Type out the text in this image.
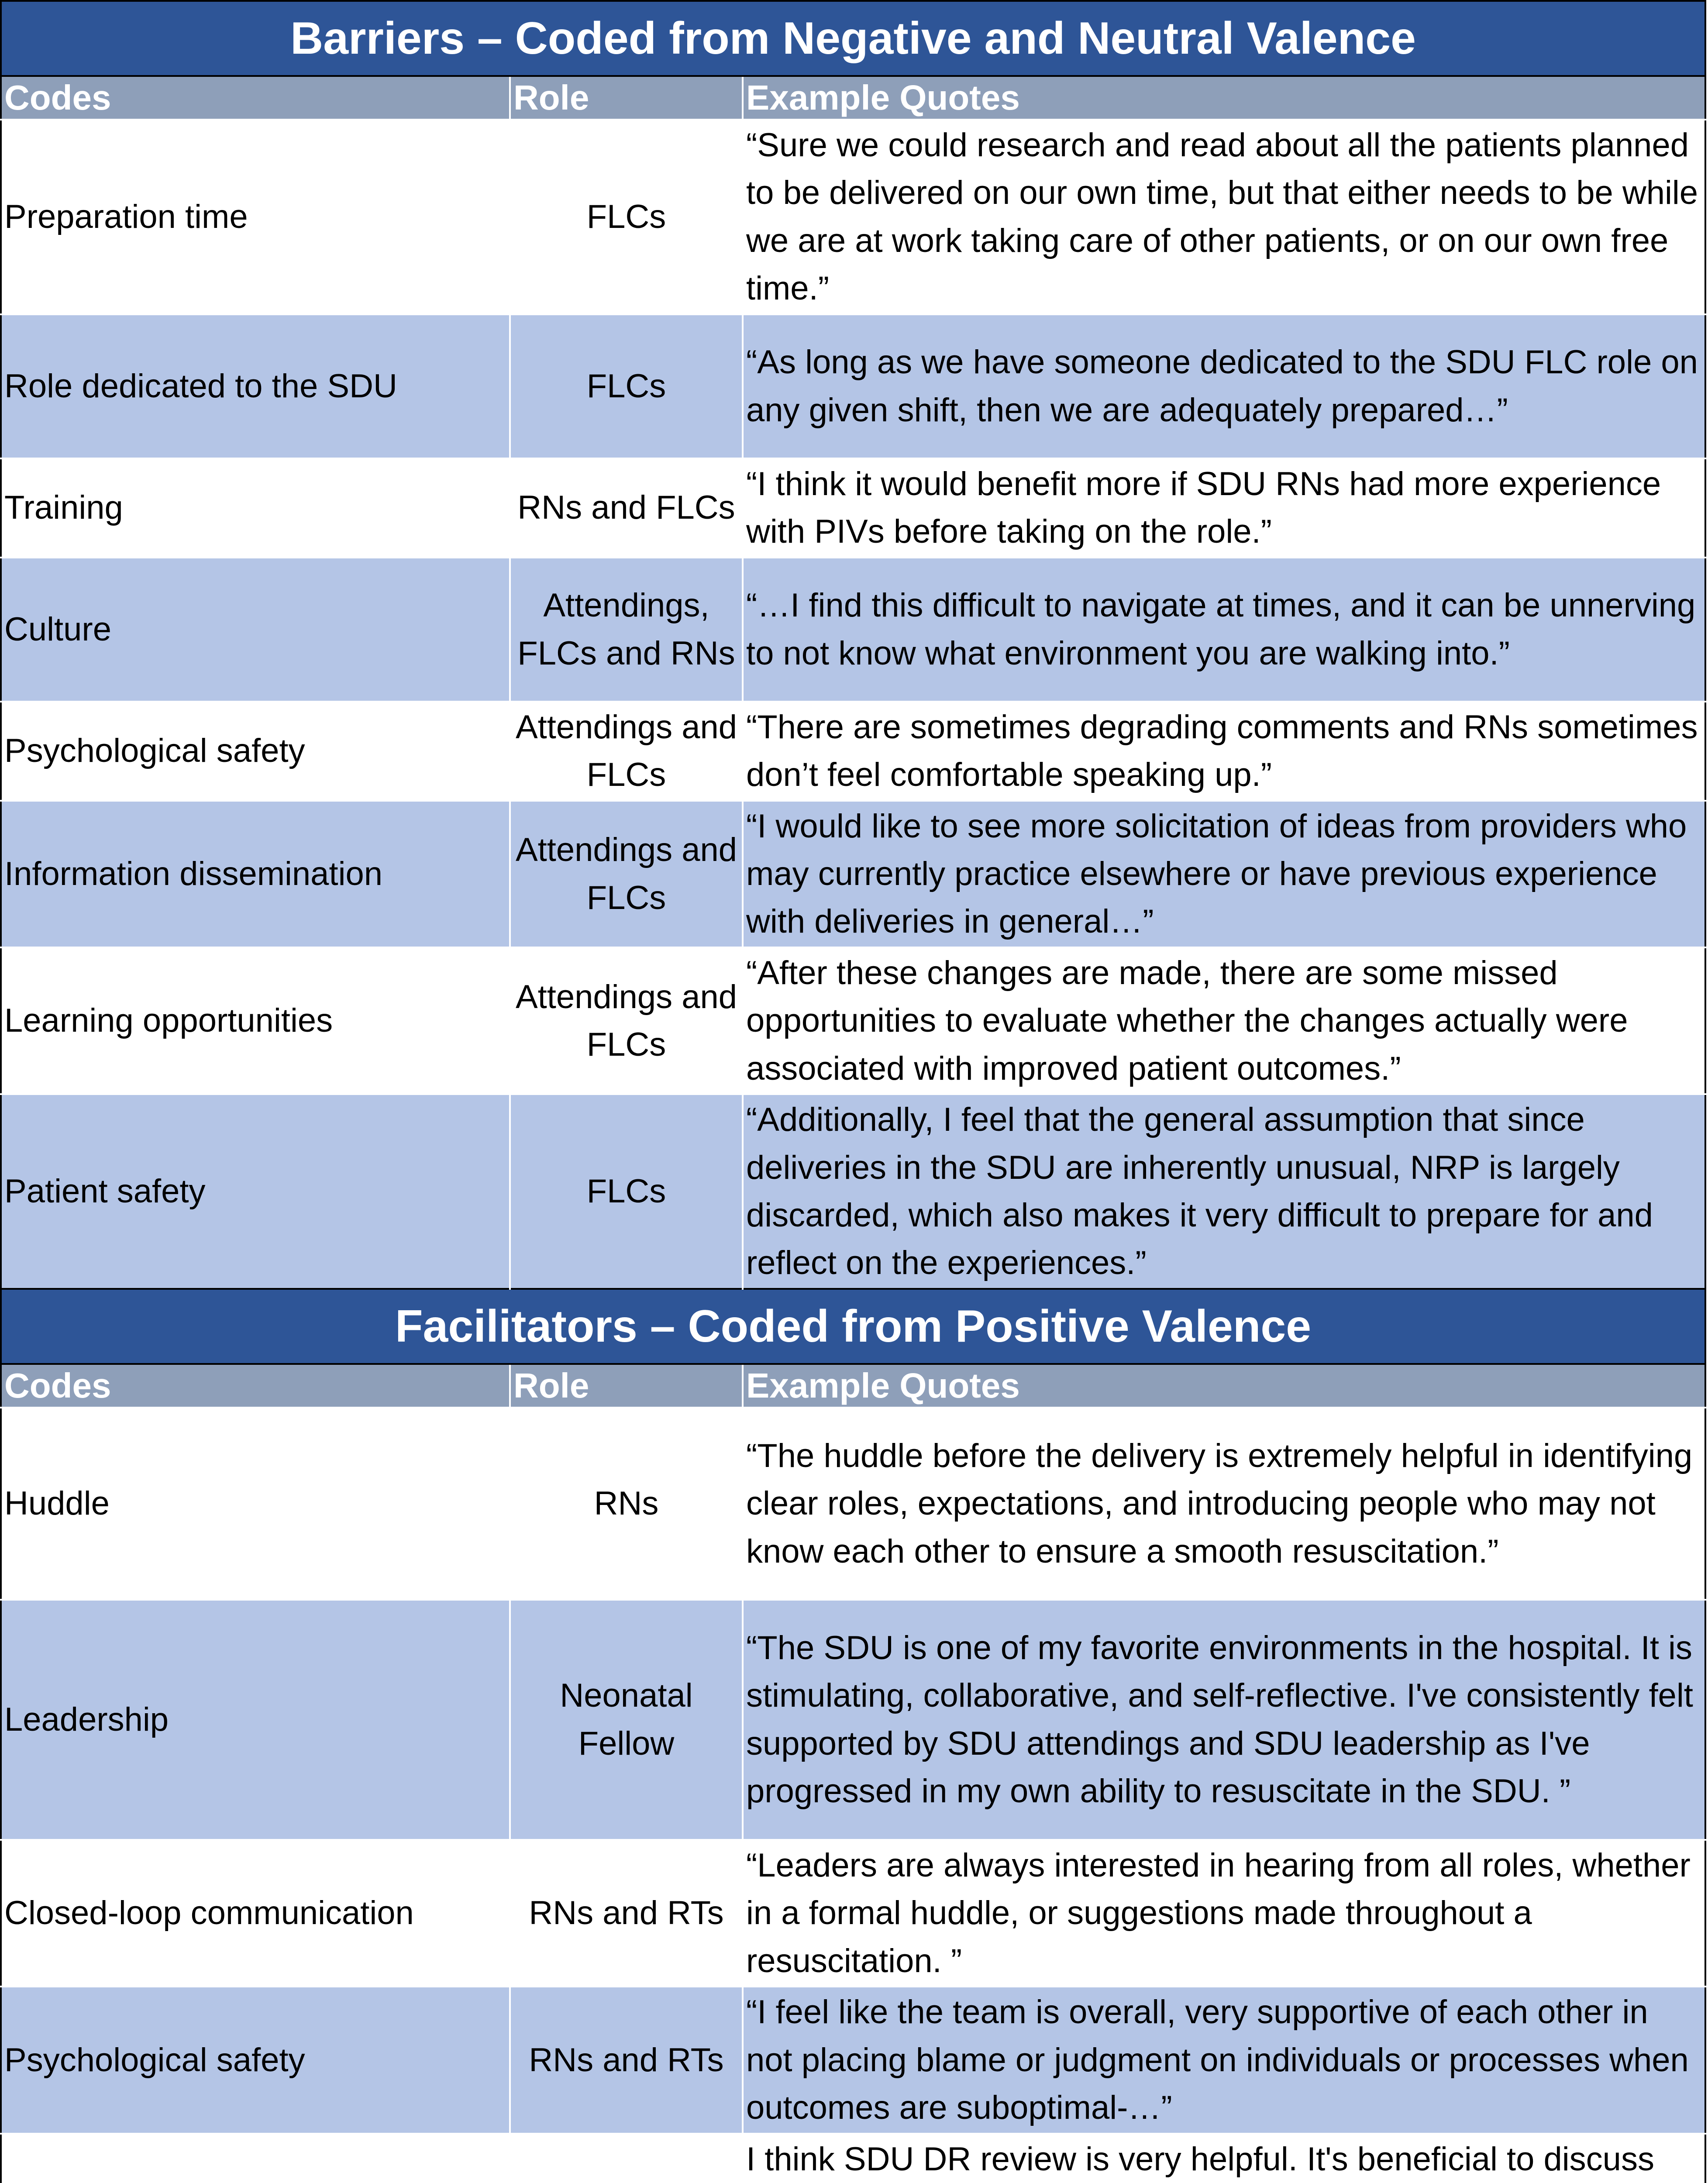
Barriers – Coded from Negative and Neutral Valence		
Codes	Role	Example Quotes
Preparation time	FLCs	“Sure we could research and read about all the patients planned to be delivered on our own time, but that either needs to be while we are at work taking care of other patients, or on our own free time.”
Role dedicated to the SDU	FLCs	“As long as we have someone dedicated to the SDU FLC role on any given shift, then we are adequately prepared…”
Training	RNs and FLCs	“I think it would benefit more if SDU RNs had more experience with PIVs before taking on the role.”
Culture	Attendings, FLCs and RNs	“…I find this difficult to navigate at times, and it can be unnerving to not know what environment you are walking into.”
Psychological safety	Attendings and FLCs	“There are sometimes degrading comments and RNs sometimes don’t feel comfortable speaking up.”
Information dissemination	Attendings and FLCs	“I would like to see more solicitation of ideas from providers who may currently practice elsewhere or have previous experience with deliveries in general…”
Learning opportunities	Attendings and FLCs	“After these changes are made, there are some missed opportunities to evaluate whether the changes actually were associated with improved patient outcomes.”
Patient safety	FLCs	“Additionally, I feel that the general assumption that since deliveries in the SDU are inherently unusual, NRP is largely discarded, which also makes it very difficult to prepare for and reflect on the experiences.”
Facilitators – Coded from Positive Valence		
Codes	Role	Example Quotes
Huddle	RNs	“The huddle before the delivery is extremely helpful in identifying clear roles, expectations, and introducing people who may not know each other to ensure a smooth resuscitation.”
Leadership	Neonatal Fellow	“The SDU is one of my favorite environments in the hospital. It is stimulating, collaborative, and self-reflective. I've consistently felt supported by SDU attendings and SDU leadership as I've progressed in my own ability to resuscitate in the SDU. ”
Closed-loop communication	RNs and RTs	“Leaders are always interested in hearing from all roles, whether in a formal huddle, or suggestions made throughout a resuscitation. ”
Psychological safety	RNs and RTs	“I feel like the team is overall, very supportive of each other in not placing blame or judgment on individuals or processes when outcomes are suboptimal-…”
		I think SDU DR review is very helpful. It's beneficial to discuss
